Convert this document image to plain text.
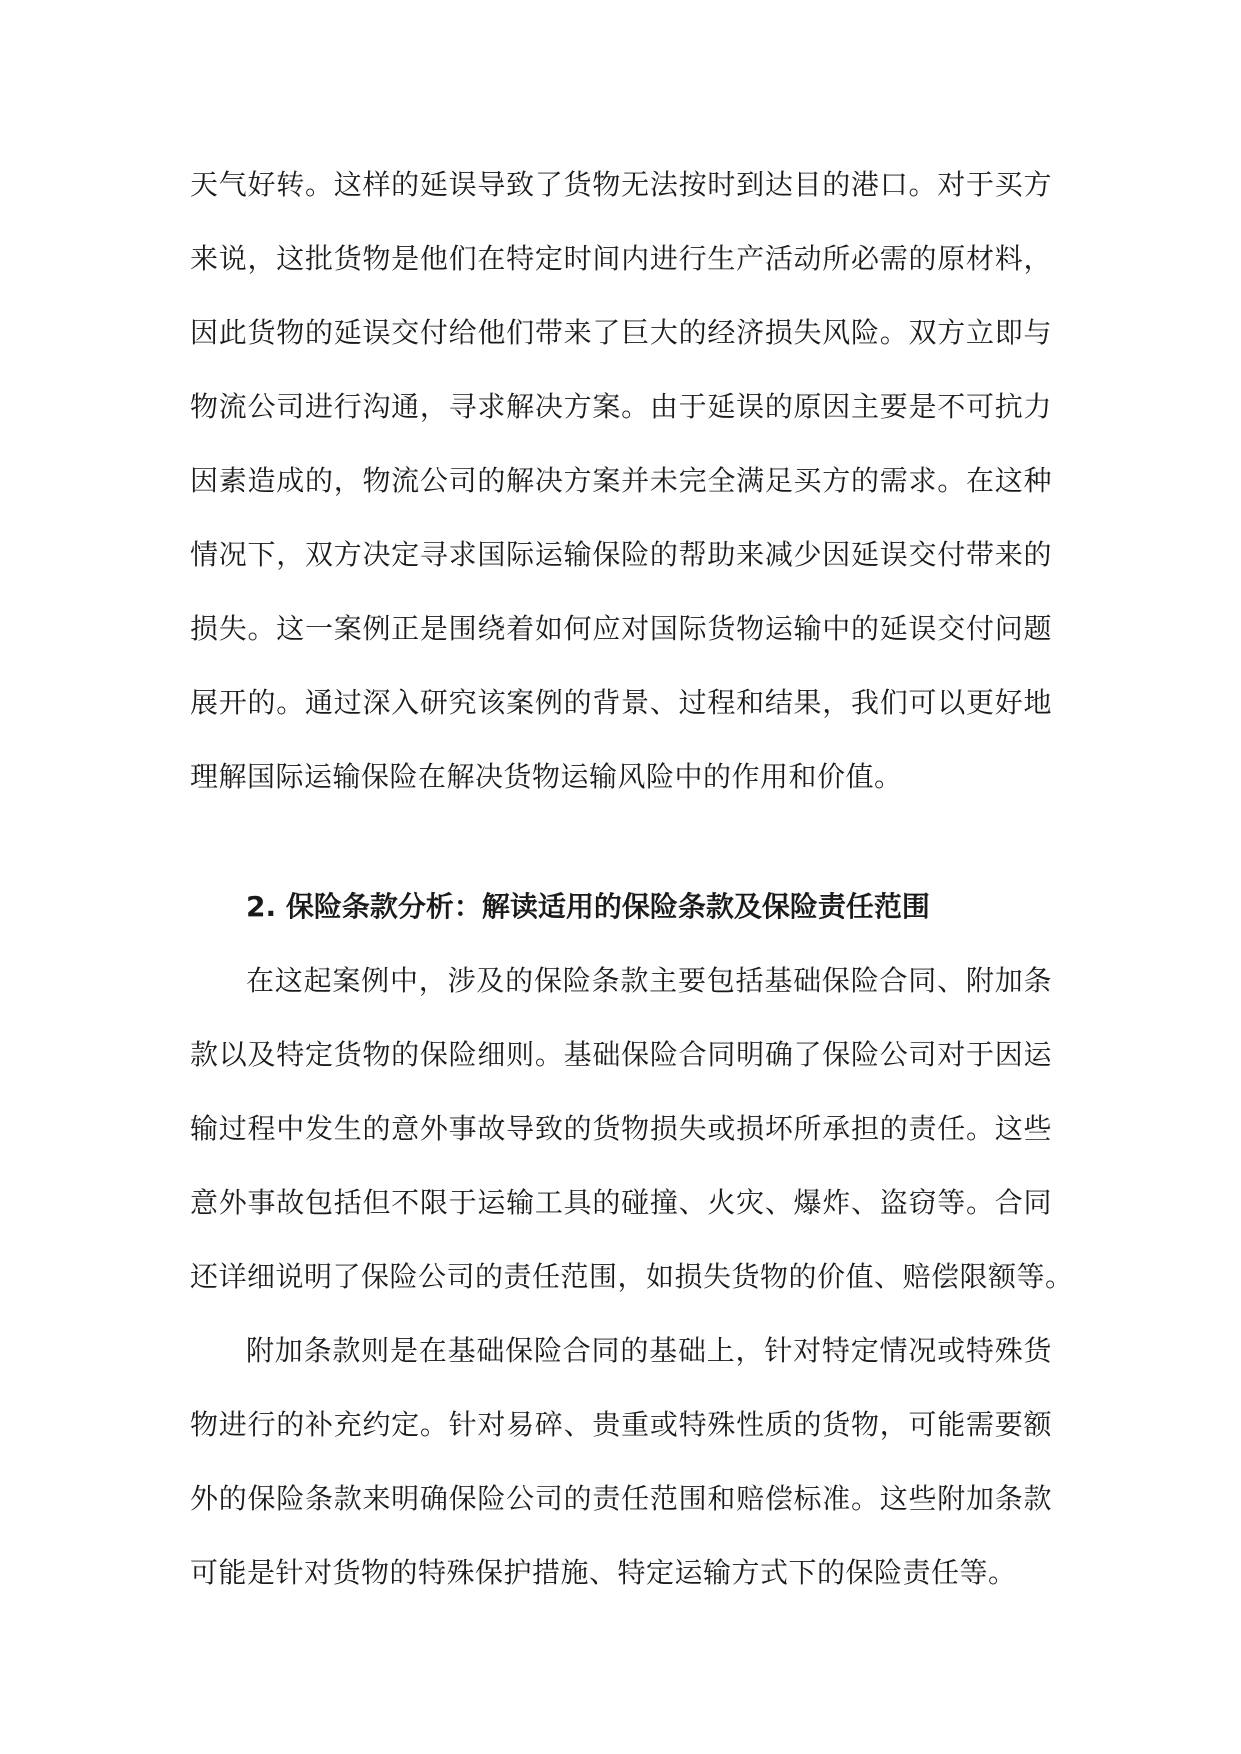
天气好转。这样的延误导致了货物无法按时到达目的港口。对于买方
来说，这批货物是他们在特定时间内进行生产活动所必需的原材料，
因此货物的延误交付给他们带来了巨大的经济损失风险。双方立即与
物流公司进行沟通，寻求解决方案。由于延误的原因主要是不可抗力
因素造成的，物流公司的解决方案并未完全满足买方的需求。在这种
情况下，双方决定寻求国际运输保险的帮助来减少因延误交付带来的
损失。这一案例正是围绕着如何应对国际货物运输中的延误交付问题
展开的。通过深入研究该案例的背景、过程和结果，我们可以更好地
理解国际运输保险在解决货物运输风险中的作用和价值。
2. 保险条款分析：解读适用的保险条款及保险责任范围
在这起案例中，涉及的保险条款主要包括基础保险合同、附加条
款以及特定货物的保险细则。基础保险合同明确了保险公司对于因运
输过程中发生的意外事故导致的货物损失或损坏所承担的责任。这些
意外事故包括但不限于运输工具的碰撞、火灾、爆炸、盗窃等。合同
还详细说明了保险公司的责任范围，如损失货物的价值、赔偿限额等。
附加条款则是在基础保险合同的基础上，针对特定情况或特殊货
物进行的补充约定。针对易碎、贵重或特殊性质的货物，可能需要额
外的保险条款来明确保险公司的责任范围和赔偿标准。这些附加条款
可能是针对货物的特殊保护措施、特定运输方式下的保险责任等。
